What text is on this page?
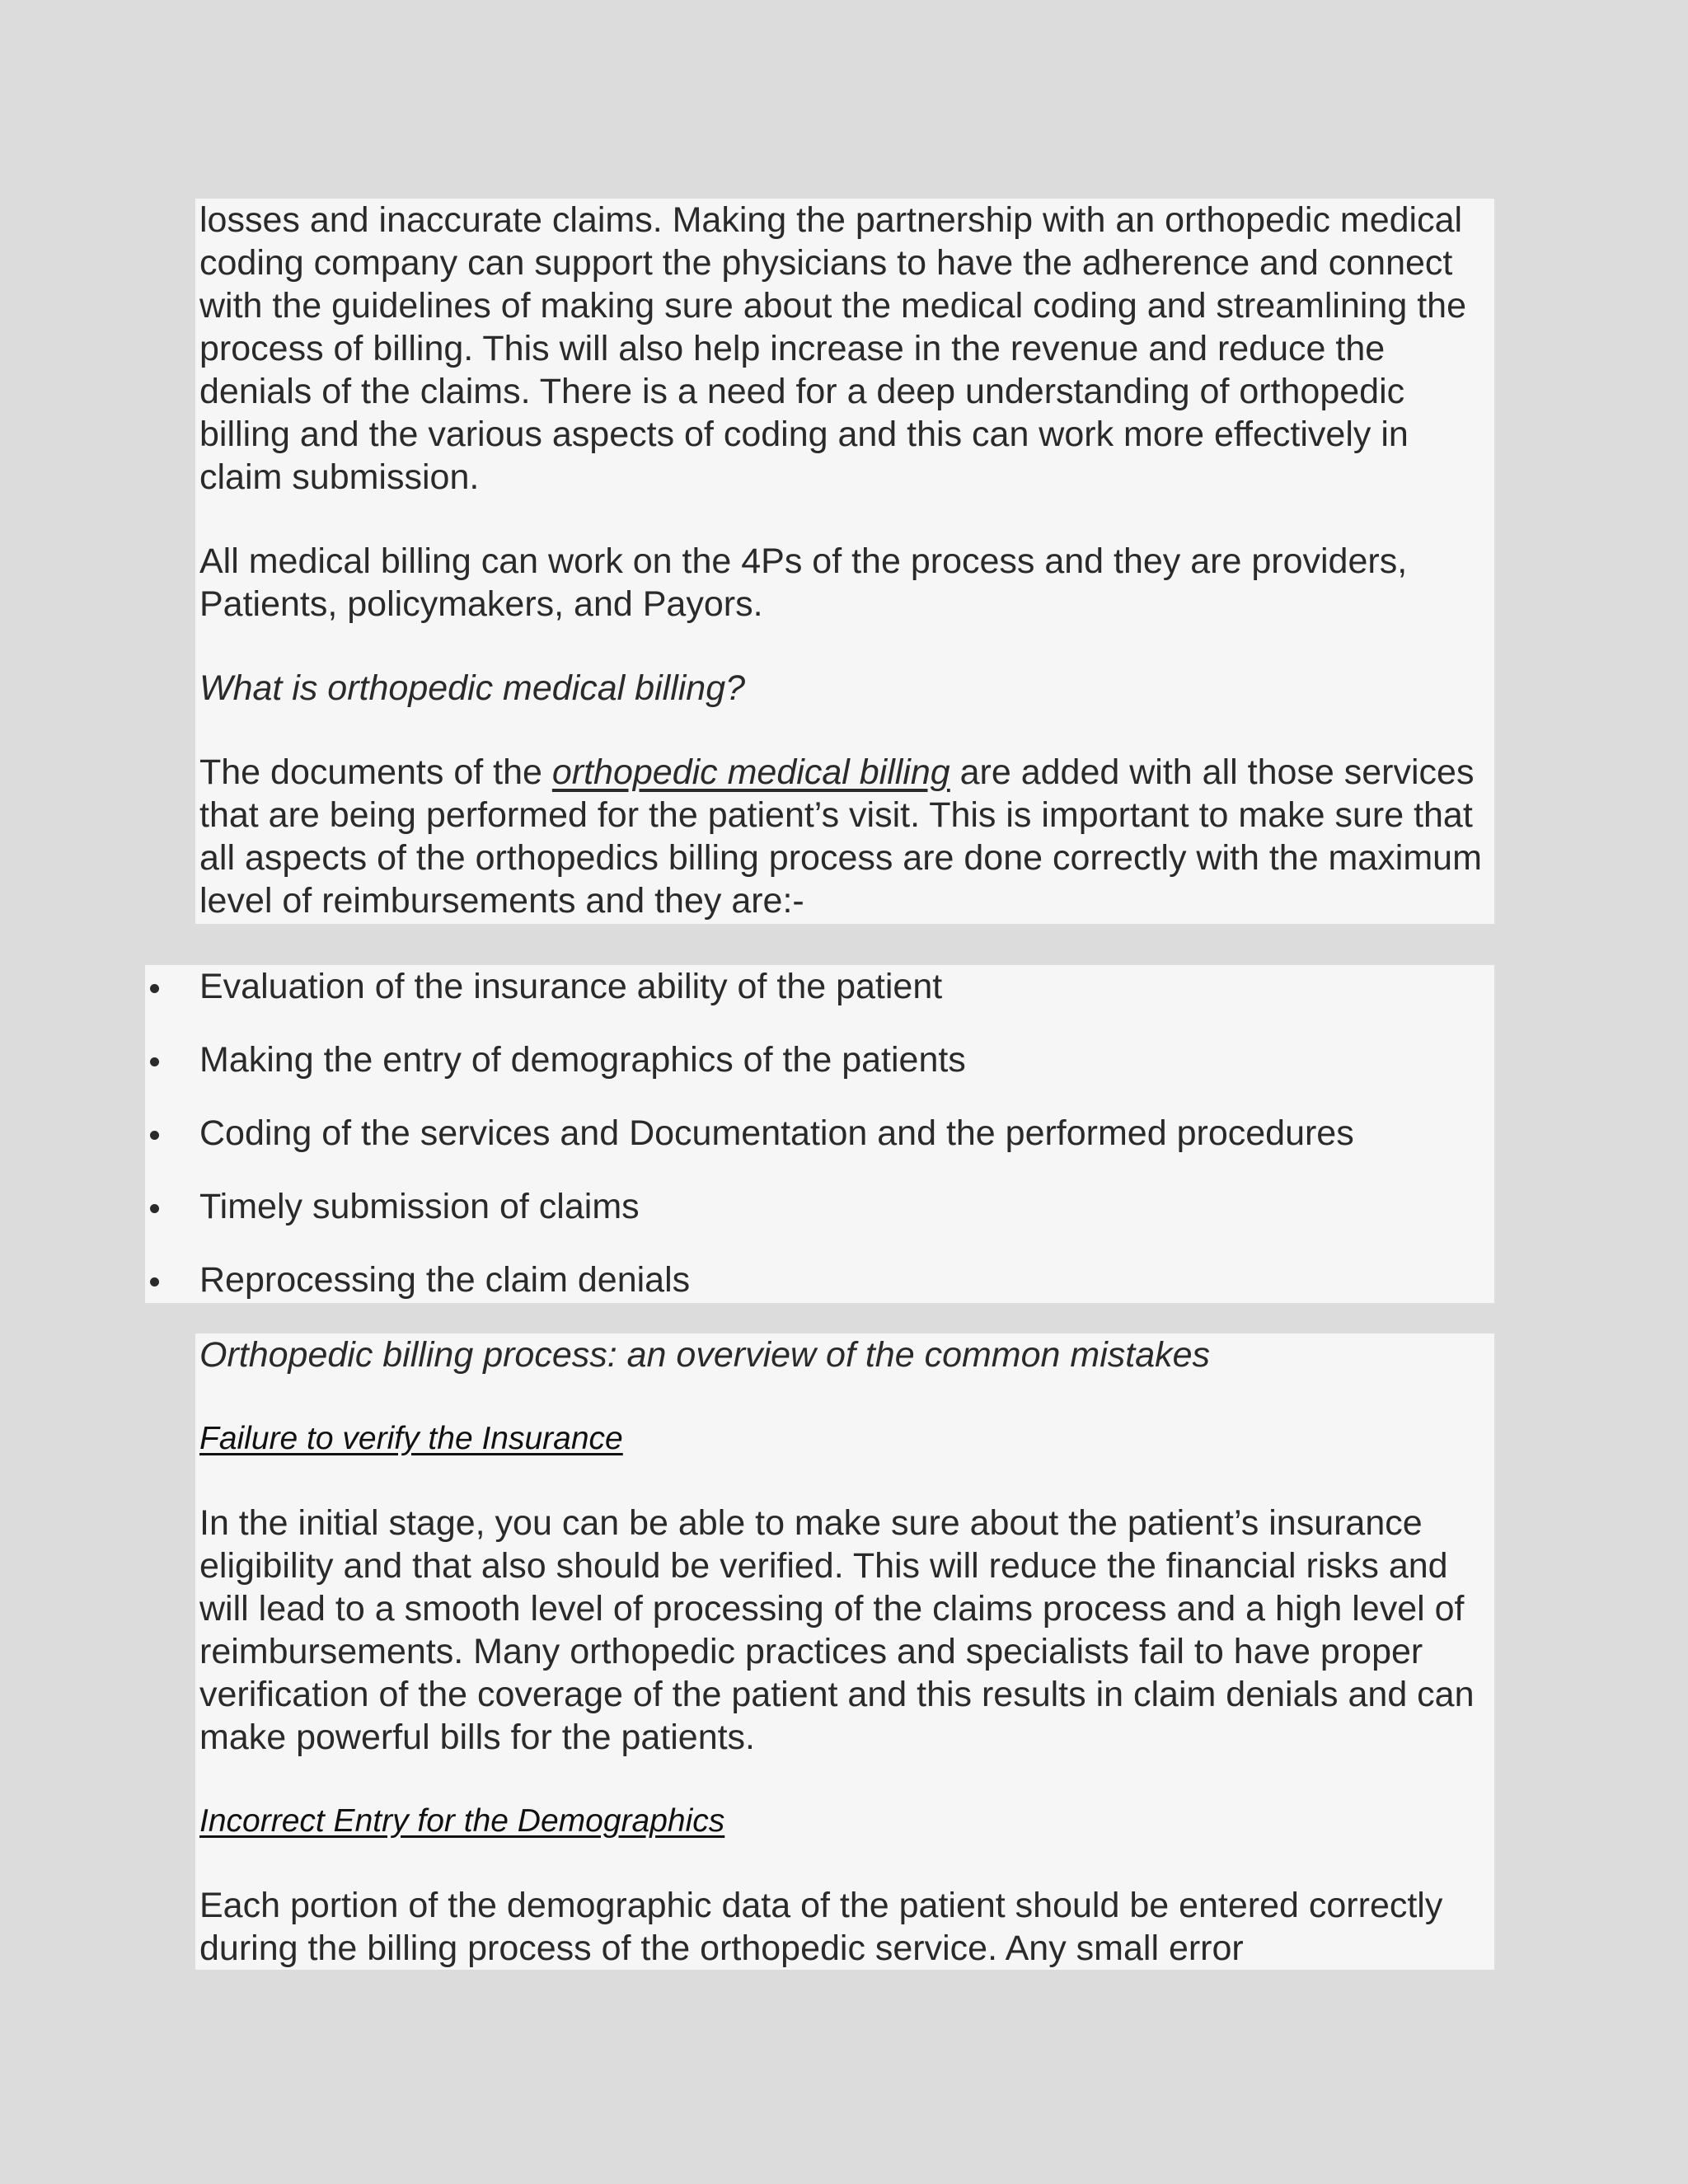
losses and inaccurate claims. Making the partnership with an orthopedic medical coding company can support the physicians to have the adherence and connect with the guidelines of making sure about the medical coding and streamlining the process of billing. This will also help increase in the revenue and reduce the denials of the claims. There is a need for a deep understanding of orthopedic billing and the various aspects of coding and this can work more effectively in claim submission.

All medical billing can work on the 4Ps of the process and they are providers, Patients, policymakers, and Payors.

What is orthopedic medical billing?

The documents of the orthopedic medical billing are added with all those services that are being performed for the patient’s visit. This is important to make sure that all aspects of the orthopedics billing process are done correctly with the maximum level of reimbursements and they are:-

Evaluation of the insurance ability of the patient
Making the entry of demographics of the patients
Coding of the services and Documentation and the performed procedures
Timely submission of claims
Reprocessing the claim denials

Orthopedic billing process: an overview of the common mistakes

Failure to verify the Insurance

In the initial stage, you can be able to make sure about the patient’s insurance eligibility and that also should be verified. This will reduce the financial risks and will lead to a smooth level of processing of the claims process and a high level of reimbursements. Many orthopedic practices and specialists fail to have proper verification of the coverage of the patient and this results in claim denials and can make powerful bills for the patients.

Incorrect Entry for the Demographics

Each portion of the demographic data of the patient should be entered correctly during the billing process of the orthopedic service. Any small error
